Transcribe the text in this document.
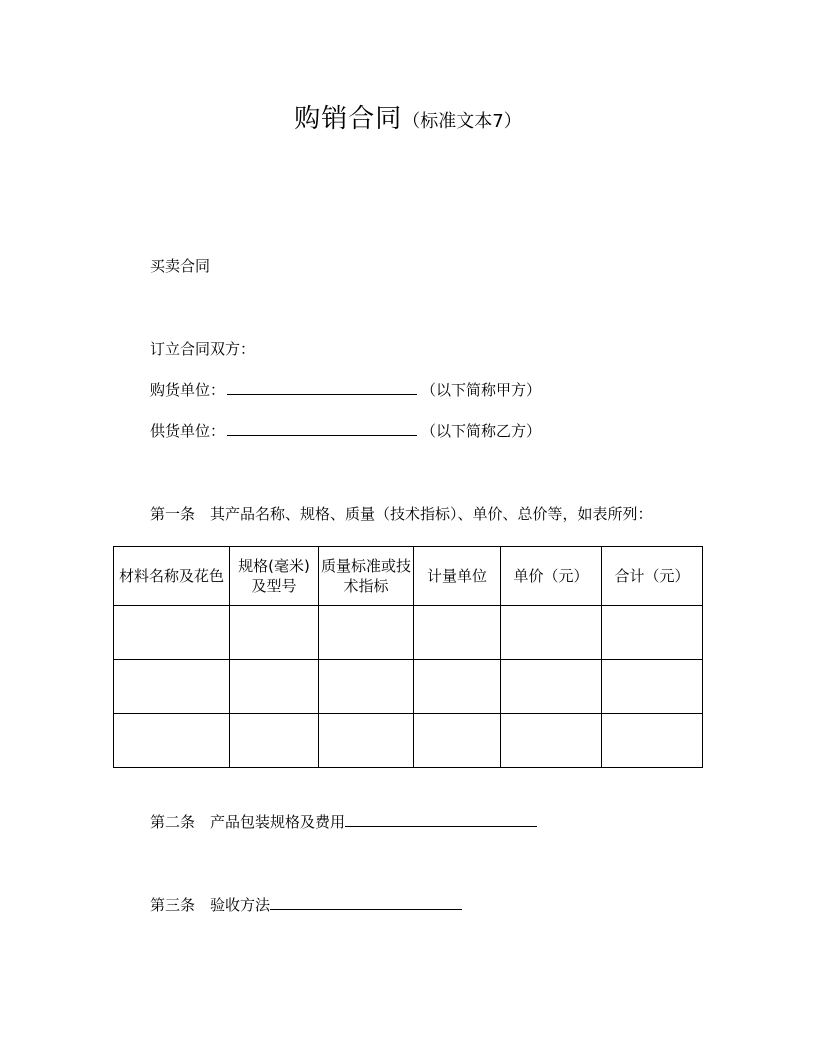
购销合同（标准文本7）
买卖合同
订立合同双方：
购货单位：	（以下简称甲方）
供货单位：	（以下简称乙方）
第一条　其产品名称、规格、质量（技术指标）、单价、总价等，如表所列：
材料名称及花色	规格(毫米)及型号	质量标准或技术指标	计量单位	单价（元）	合计（元）

第二条　产品包装规格及费用
第三条　验收方法
